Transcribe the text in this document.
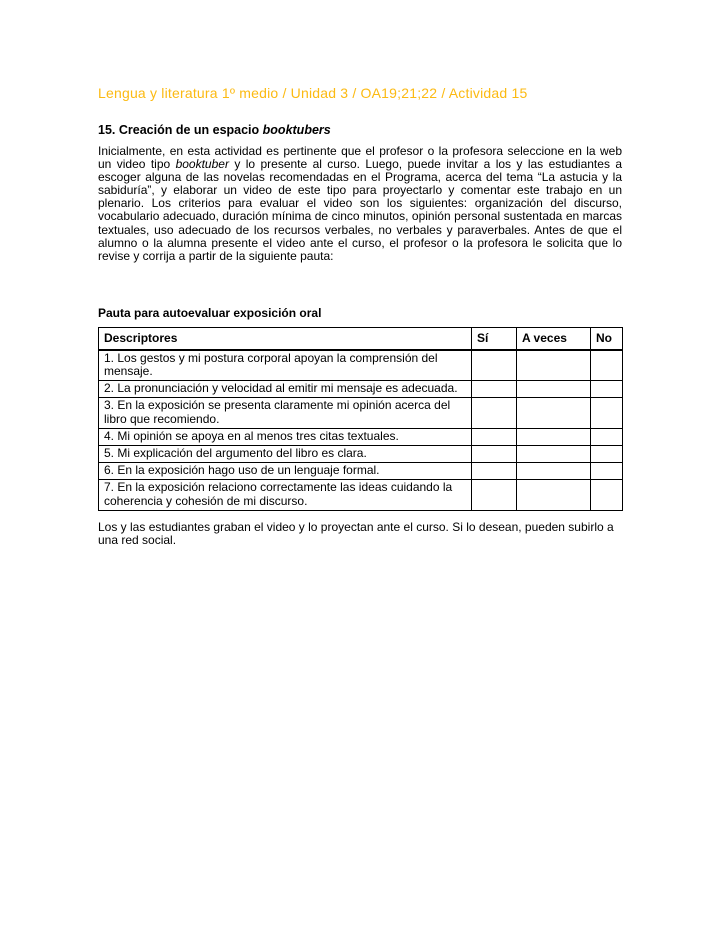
Lengua y literatura 1º medio / Unidad 3 / OA19;21;22 / Actividad 15
15. Creación de un espacio booktubers

Inicialmente, en esta actividad es pertinente que el profesor o la profesora seleccione en la web un video tipo booktuber y lo presente al curso. Luego, puede invitar a los y las estudiantes a escoger alguna de las novelas recomendadas en el Programa, acerca del tema “La astucia y la sabiduría”, y elaborar un video de este tipo para proyectarlo y comentar este trabajo en un plenario. Los criterios para evaluar el video son los siguientes: organización del discurso, vocabulario adecuado, duración mínima de cinco minutos, opinión personal sustentada en marcas textuales, uso adecuado de los recursos verbales, no verbales y paraverbales. Antes de que el alumno o la alumna presente el video ante el curso, el profesor o la profesora le solicita que lo revise y corrija a partir de la siguiente pauta:

Pauta para autoevaluar exposición oral
Descriptores	Sí	A veces	No
1. Los gestos y mi postura corporal apoyan la comprensión del mensaje.			
2. La pronunciación y velocidad al emitir mi mensaje es adecuada.			
3. En la exposición se presenta claramente mi opinión acerca del libro que recomiendo.			
4. Mi opinión se apoya en al menos tres citas textuales.			
5. Mi explicación del argumento del libro es clara.			
6. En la exposición hago uso de un lenguaje formal.			
7. En la exposición relaciono correctamente las ideas cuidando la coherencia y cohesión de mi discurso.			

Los y las estudiantes graban el video y lo proyectan ante el curso. Si lo desean, pueden subirlo a una red social.
